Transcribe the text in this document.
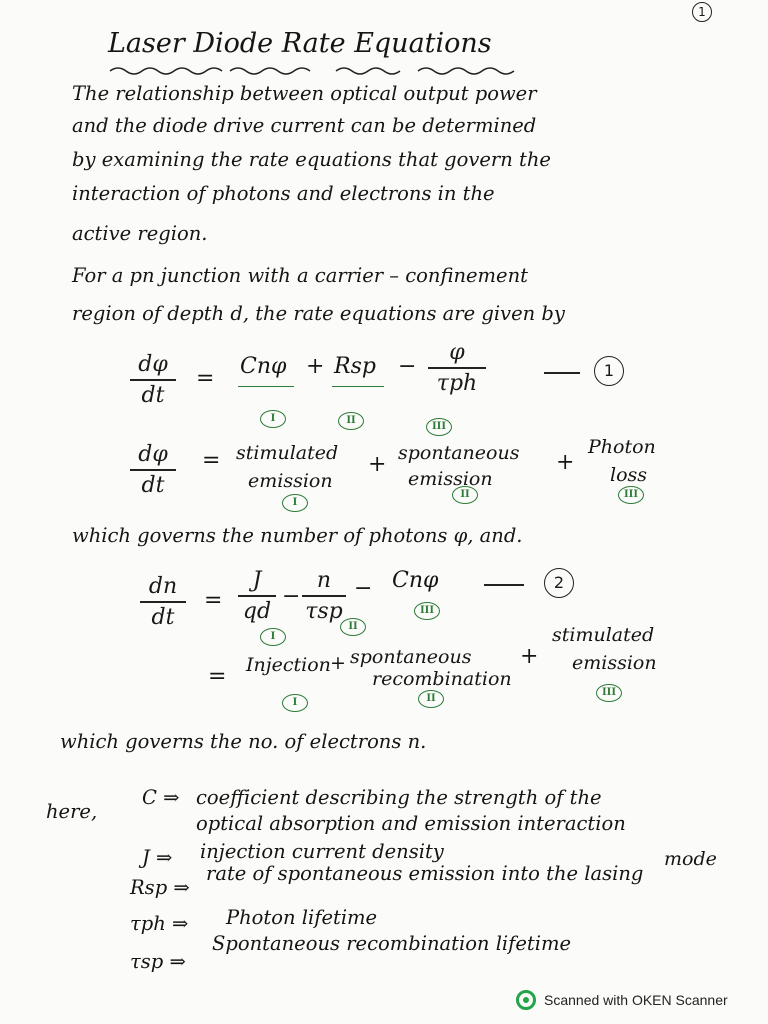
1
Laser Diode Rate Equations
The relationship between optical output power
and the diode drive current can be determined
by examining the rate equations that govern the
interaction of photons and electrons in the
active region.
For a pn junction with a carrier – confinement
region of depth d, the rate equations are given by
dφ
dt
= Cnφ + Rsp −
φ
τph
1
I	II
III
dφ
dt
= stimulated
emission
+ spontaneous
emission
+
Photon
loss
I
II	III
which governs the number of photons φ, and.
dn
dt
=
J
qd
−
n
τsp
− Cnφ	2
I
II
III
= Injection + spontaneous
recombination
+
stimulated
emission
I	II
III
which governs the no. of electrons n.
here,
C ⇒ coefficient describing the strength of the
optical absorption and emission interaction
J ⇒ injection current density
Rsp ⇒
rate of spontaneous emission into the lasing
mode
τph ⇒ Photon lifetime
τsp ⇒
Spontaneous recombination lifetime
Scanned with OKEN Scanner
